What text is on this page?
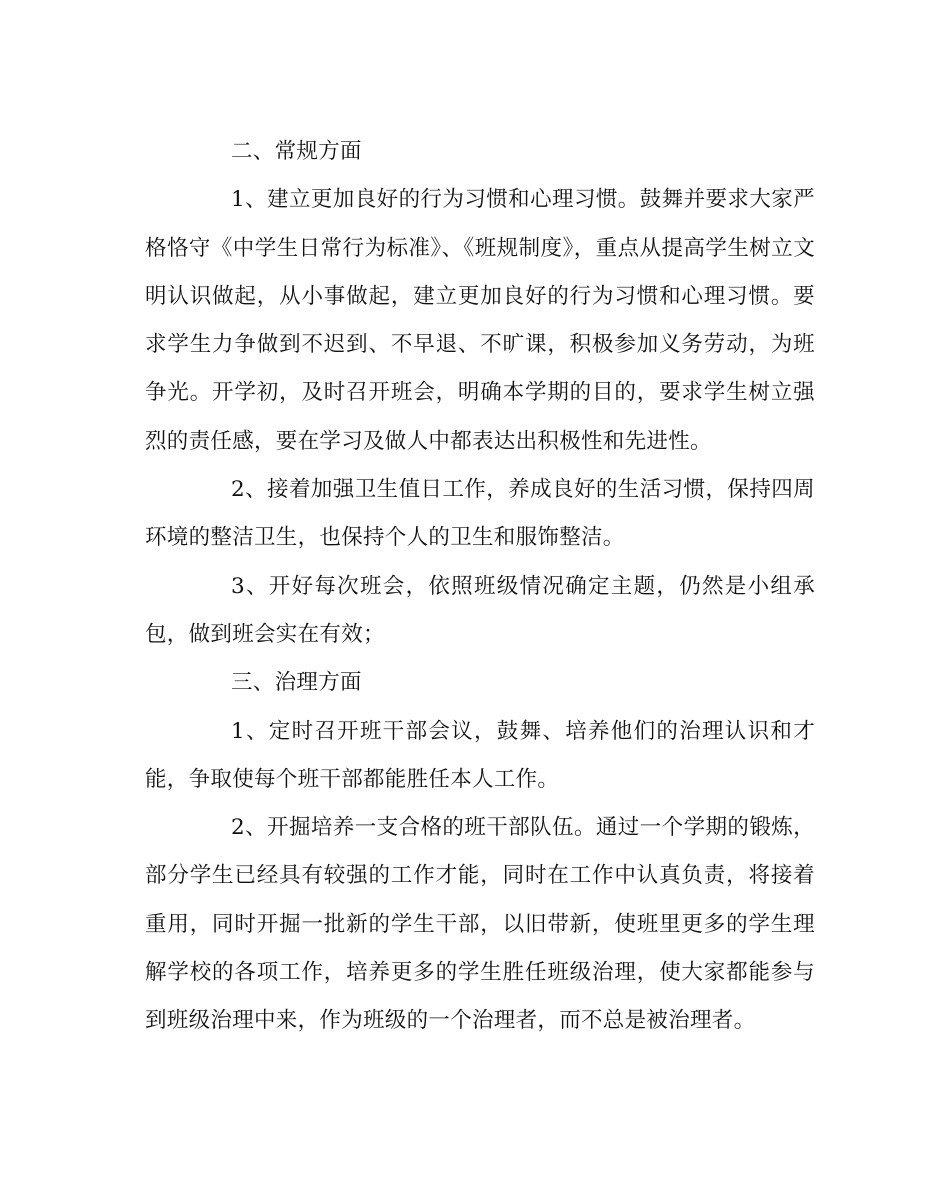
二、常规方面

1、建立更加良好的行为习惯和心理习惯。鼓舞并要求大家严格恪守《中学生日常行为标准》、《班规制度》，重点从提高学生树立文明认识做起，从小事做起，建立更加良好的行为习惯和心理习惯。要求学生力争做到不迟到、不早退、不旷课，积极参加义务劳动，为班争光。开学初，及时召开班会，明确本学期的目的，要求学生树立强烈的责任感，要在学习及做人中都表达出积极性和先进性。

2、接着加强卫生值日工作，养成良好的生活习惯，保持四周环境的整洁卫生，也保持个人的卫生和服饰整洁。

3、开好每次班会，依照班级情况确定主题，仍然是小组承包，做到班会实在有效；

三、治理方面

1、定时召开班干部会议，鼓舞、培养他们的治理认识和才能，争取使每个班干部都能胜任本人工作。

2、开掘培养一支合格的班干部队伍。通过一个学期的锻炼，部分学生已经具有较强的工作才能，同时在工作中认真负责，将接着重用，同时开掘一批新的学生干部，以旧带新，使班里更多的学生理解学校的各项工作，培养更多的学生胜任班级治理，使大家都能参与到班级治理中来，作为班级的一个治理者，而不总是被治理者。
